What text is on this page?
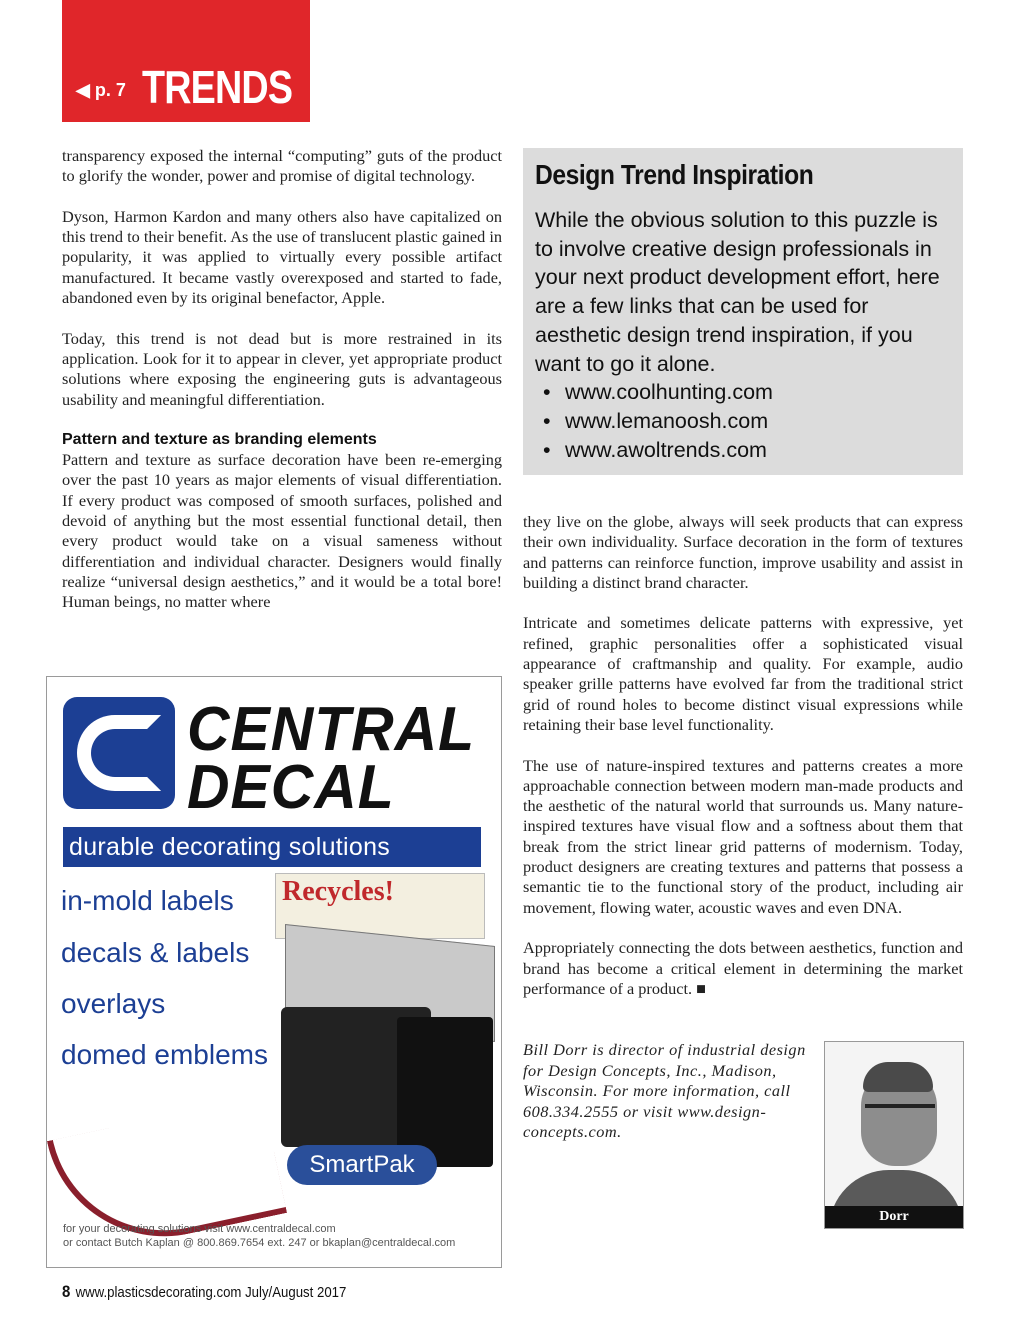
◀ p. 7 TRENDS

transparency exposed the internal “computing” guts of the product to glorify the wonder, power and promise of digital technology.

Dyson, Harmon Kardon and many others also have capitalized on this trend to their benefit. As the use of translucent plastic gained in popularity, it was applied to virtually every possible artifact manufactured. It became vastly overexposed and started to fade, abandoned even by its original benefactor, Apple.

Today, this trend is not dead but is more restrained in its application. Look for it to appear in clever, yet appropriate product solutions where exposing the engineering guts is advantageous usability and meaningful differentiation.

Pattern and texture as branding elements

Pattern and texture as surface decoration have been re-emerging over the past 10 years as major elements of visual differentiation. If every product was composed of smooth surfaces, polished and devoid of anything but the most essential functional detail, then every product would take on a visual sameness without differentiation and individual character. Designers would finally realize “universal design aesthetics,” and it would be a total bore! Human beings, no matter where

Design Trend Inspiration

While the obvious solution to this puzzle is to involve creative design professionals in your next product development effort, here are a few links that can be used for aesthetic design trend inspiration, if you want to go it alone.

• www.coolhunting.com
• www.lemanoosh.com
• www.awoltrends.com

they live on the globe, always will seek products that can express their own individuality. Surface decoration in the form of textures and patterns can reinforce function, improve usability and assist in building a distinct brand character.

Intricate and sometimes delicate patterns with expressive, yet refined, graphic personalities offer a sophisticated visual appearance of craftmanship and quality. For example, audio speaker grille patterns have evolved far from the traditional strict grid of round holes to become distinct visual expressions while retaining their base level functionality.

The use of nature-inspired textures and patterns creates a more approachable connection between modern man-made products and the aesthetic of the natural world that surrounds us. Many nature-inspired textures have visual flow and a softness about them that break from the strict linear grid patterns of modernism. Today, product designers are creating textures and patterns that possess a semantic tie to the functional story of the product, including air movement, flowing water, acoustic waves and even DNA.

Appropriately connecting the dots between aesthetics, function and brand has become a critical element in determining the market performance of a product. ■

Bill Dorr is director of industrial design for Design Concepts, Inc., Madison, Wisconsin. For more information, call 608.334.2555 or visit www.design-concepts.com.
Dorr
CENTRAL
DECAL
durable decorating solutions
in-mold labels
decals & labels
overlays
domed emblems
Recycles!
SmartPak
for your decorating solutions visit www.centraldecal.com
or contact Butch Kaplan @ 800.869.7654 ext. 247 or bkaplan@centraldecal.com
8 www.plasticsdecorating.com July/August 2017
